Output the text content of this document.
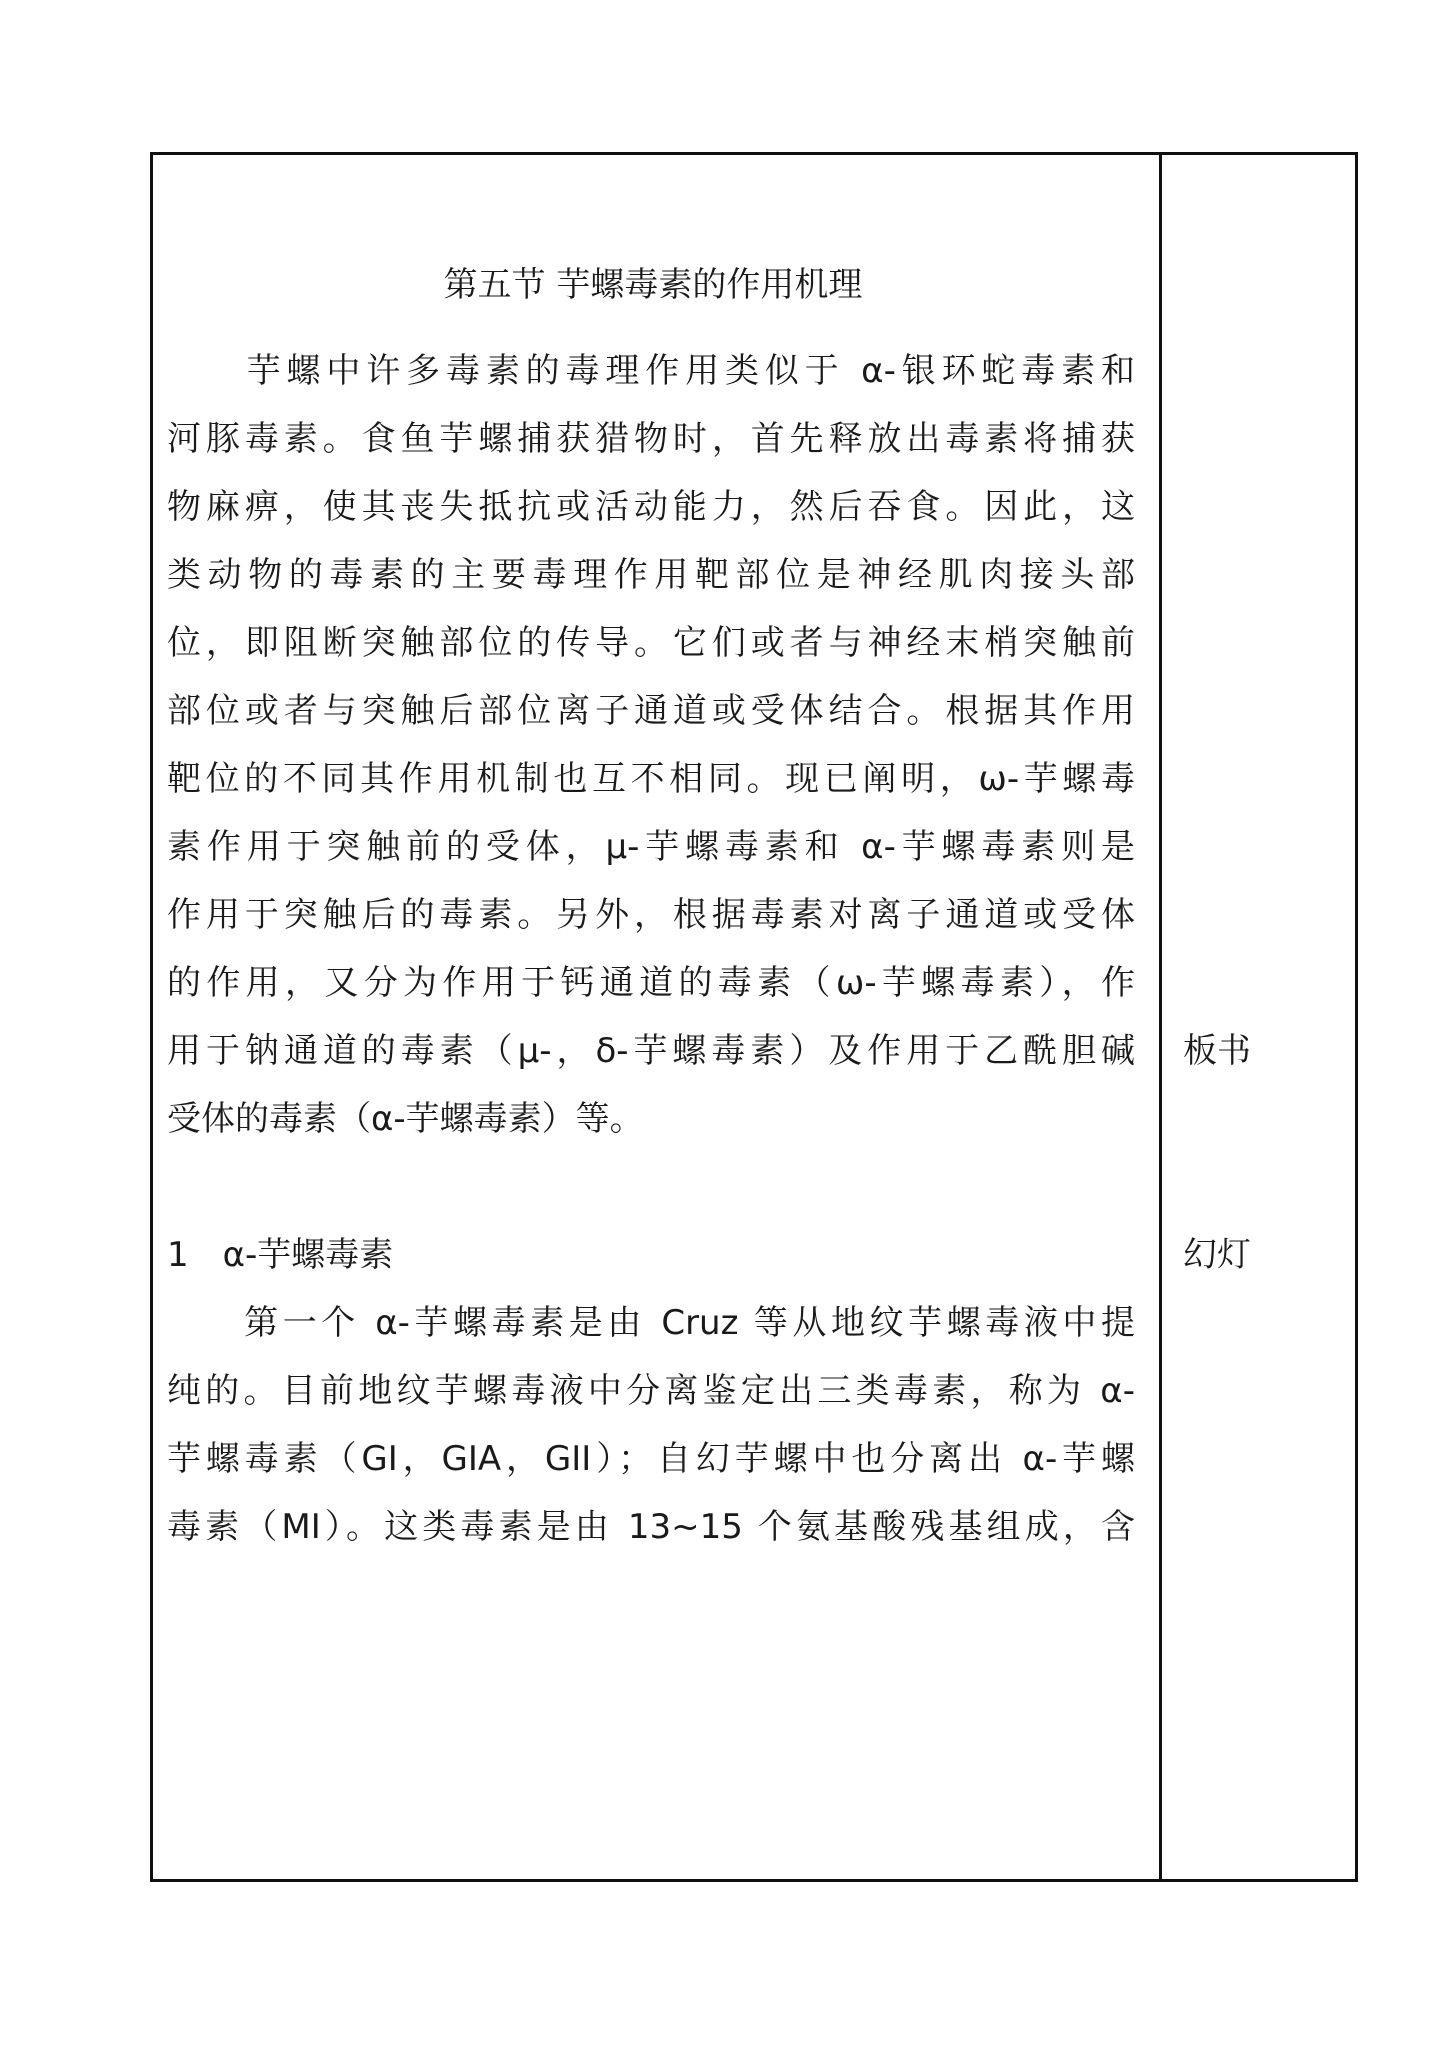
第五节 芋螺毒素的作用机理
　　芋螺中许多毒素的毒理作用类似于 α-银环蛇毒素和
河豚毒素。食鱼芋螺捕获猎物时，首先释放出毒素将捕获
物麻痹，使其丧失抵抗或活动能力，然后吞食。因此，这
类动物的毒素的主要毒理作用靶部位是神经肌肉接头部
位，即阻断突触部位的传导。它们或者与神经末梢突触前
部位或者与突触后部位离子通道或受体结合。根据其作用
靶位的不同其作用机制也互不相同。现已阐明，ω-芋螺毒
素作用于突触前的受体，μ-芋螺毒素和 α-芋螺毒素则是
作用于突触后的毒素。另外，根据毒素对离子通道或受体
的作用，又分为作用于钙通道的毒素（ω-芋螺毒素），作
用于钠通道的毒素（μ-，δ-芋螺毒素）及作用于乙酰胆碱
受体的毒素（α-芋螺毒素）等。
1　α-芋螺毒素
　　第一个 α-芋螺毒素是由 Cruz 等从地纹芋螺毒液中提
纯的。目前地纹芋螺毒液中分离鉴定出三类毒素，称为 α-
芋螺毒素（GI，GIA，GII）；自幻芋螺中也分离出 α-芋螺
毒素（MI）。这类毒素是由 13~15 个氨基酸残基组成，含
板书
幻灯
